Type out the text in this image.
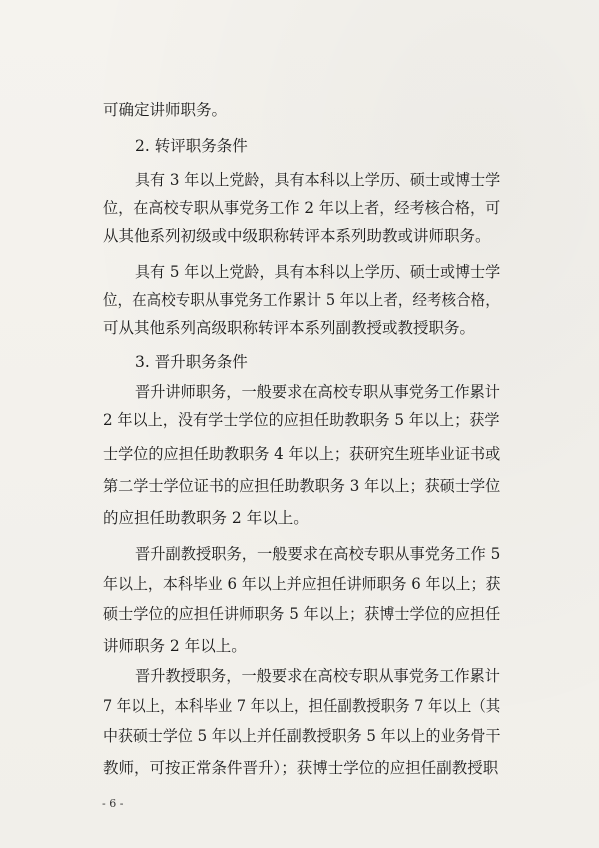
可确定讲师职务。
2. 转评职务条件
具有 3 年以上党龄，具有本科以上学历、硕士或博士学
位，在高校专职从事党务工作 2 年以上者，经考核合格，可
从其他系列初级或中级职称转评本系列助教或讲师职务。
具有 5 年以上党龄，具有本科以上学历、硕士或博士学
位，在高校专职从事党务工作累计 5 年以上者，经考核合格，
可从其他系列高级职称转评本系列副教授或教授职务。
3. 晋升职务条件
晋升讲师职务，一般要求在高校专职从事党务工作累计
2 年以上，没有学士学位的应担任助教职务 5 年以上；获学
士学位的应担任助教职务 4 年以上；获研究生班毕业证书或
第二学士学位证书的应担任助教职务 3 年以上；获硕士学位
的应担任助教职务 2 年以上。
晋升副教授职务，一般要求在高校专职从事党务工作 5
年以上，本科毕业 6 年以上并应担任讲师职务 6 年以上；获
硕士学位的应担任讲师职务 5 年以上；获博士学位的应担任
讲师职务 2 年以上。
晋升教授职务，一般要求在高校专职从事党务工作累计
7 年以上，本科毕业 7 年以上，担任副教授职务 7 年以上（其
中获硕士学位 5 年以上并任副教授职务 5 年以上的业务骨干
教师，可按正常条件晋升）；获博士学位的应担任副教授职
- 6 -
